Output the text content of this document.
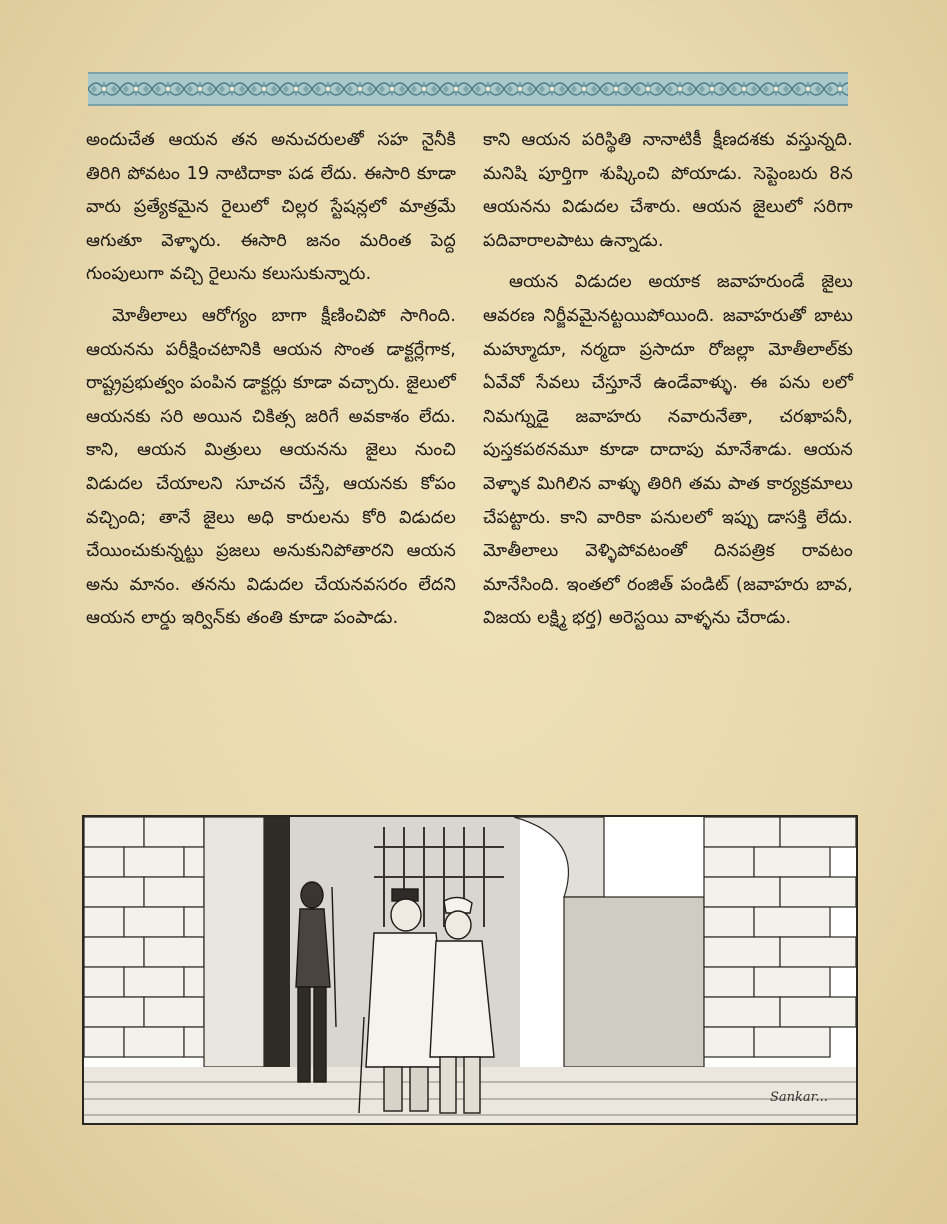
అందుచేత ఆయన తన అనుచరులతో సహ నైనీకి తిరిగి పోవటం 19 నాటిదాకా పడ లేదు. ఈసారి కూడా వారు ప్రత్యేకమైన రైలులో చిల్లర స్టేషన్లలో మాత్రమే ఆగుతూ వెళ్ళారు. ఈసారి జనం మరింత పెద్ద గుంపులుగా వచ్చి రైలును కలుసుకున్నారు.

మోతీలాలు ఆరోగ్యం బాగా క్షీణించిపో సాగింది. ఆయనను పరీక్షించటానికి ఆయన సొంత డాక్టర్లేగాక, రాష్ట్రప్రభుత్వం పంపిన డాక్టర్లు కూడా వచ్చారు. జైలులో ఆయనకు సరి అయిన చికిత్స జరిగే అవకాశం లేదు. కాని, ఆయన మిత్రులు ఆయనను జైలు నుంచి విడుదల చేయాలని సూచన చేస్తే, ఆయనకు కోపం వచ్చింది; తానే జైలు అధి కారులను కోరి విడుదల చేయించుకున్నట్టు ప్రజలు అనుకునిపోతారని ఆయన అను మానం. తనను విడుదల చేయనవసరం లేదని ఆయన లార్డు ఇర్విన్‌కు తంతి కూడా పంపాడు.

కాని ఆయన పరిస్థితి నానాటికీ క్షీణదశకు వస్తున్నది. మనిషి పూర్తిగా శుష్కించి పోయాడు. సెప్టెంబరు 8న ఆయనను విడుదల చేశారు. ఆయన జైలులో సరిగా పదివారాలపాటు ఉన్నాడు.

ఆయన విడుదల అయాక జవాహరుండే జైలు ఆవరణ నిర్జీవమైనట్టయిపోయింది. జవాహరుతో బాటు మహ్మూదూ, నర్మదా ప్రసాదూ రోజల్లా మోతీలాల్‌కు ఏవేవో సేవలు చేస్తూనే ఉండేవాళ్ళు. ఈ పను లలో నిమగ్నుడై జవాహరు నవారునేతా, చరఖాపనీ, పుస్తకపఠనమూ కూడా దాదాపు మానేశాడు. ఆయన వెళ్ళాక మిగిలిన వాళ్ళు తిరిగి తమ పాత కార్యక్రమాలు చేపట్టారు. కాని వారికా పనులలో ఇప్పు డాసక్తి లేదు. మోతీలాలు వెళ్ళిపోవటంతో దినపత్రిక రావటం మానేసింది. ఇంతలో రంజిత్ పండిట్ (జవాహరు బావ, విజయ లక్ష్మి భర్త) అరెస్టయి వాళ్ళను చేరాడు.

Sankar...
